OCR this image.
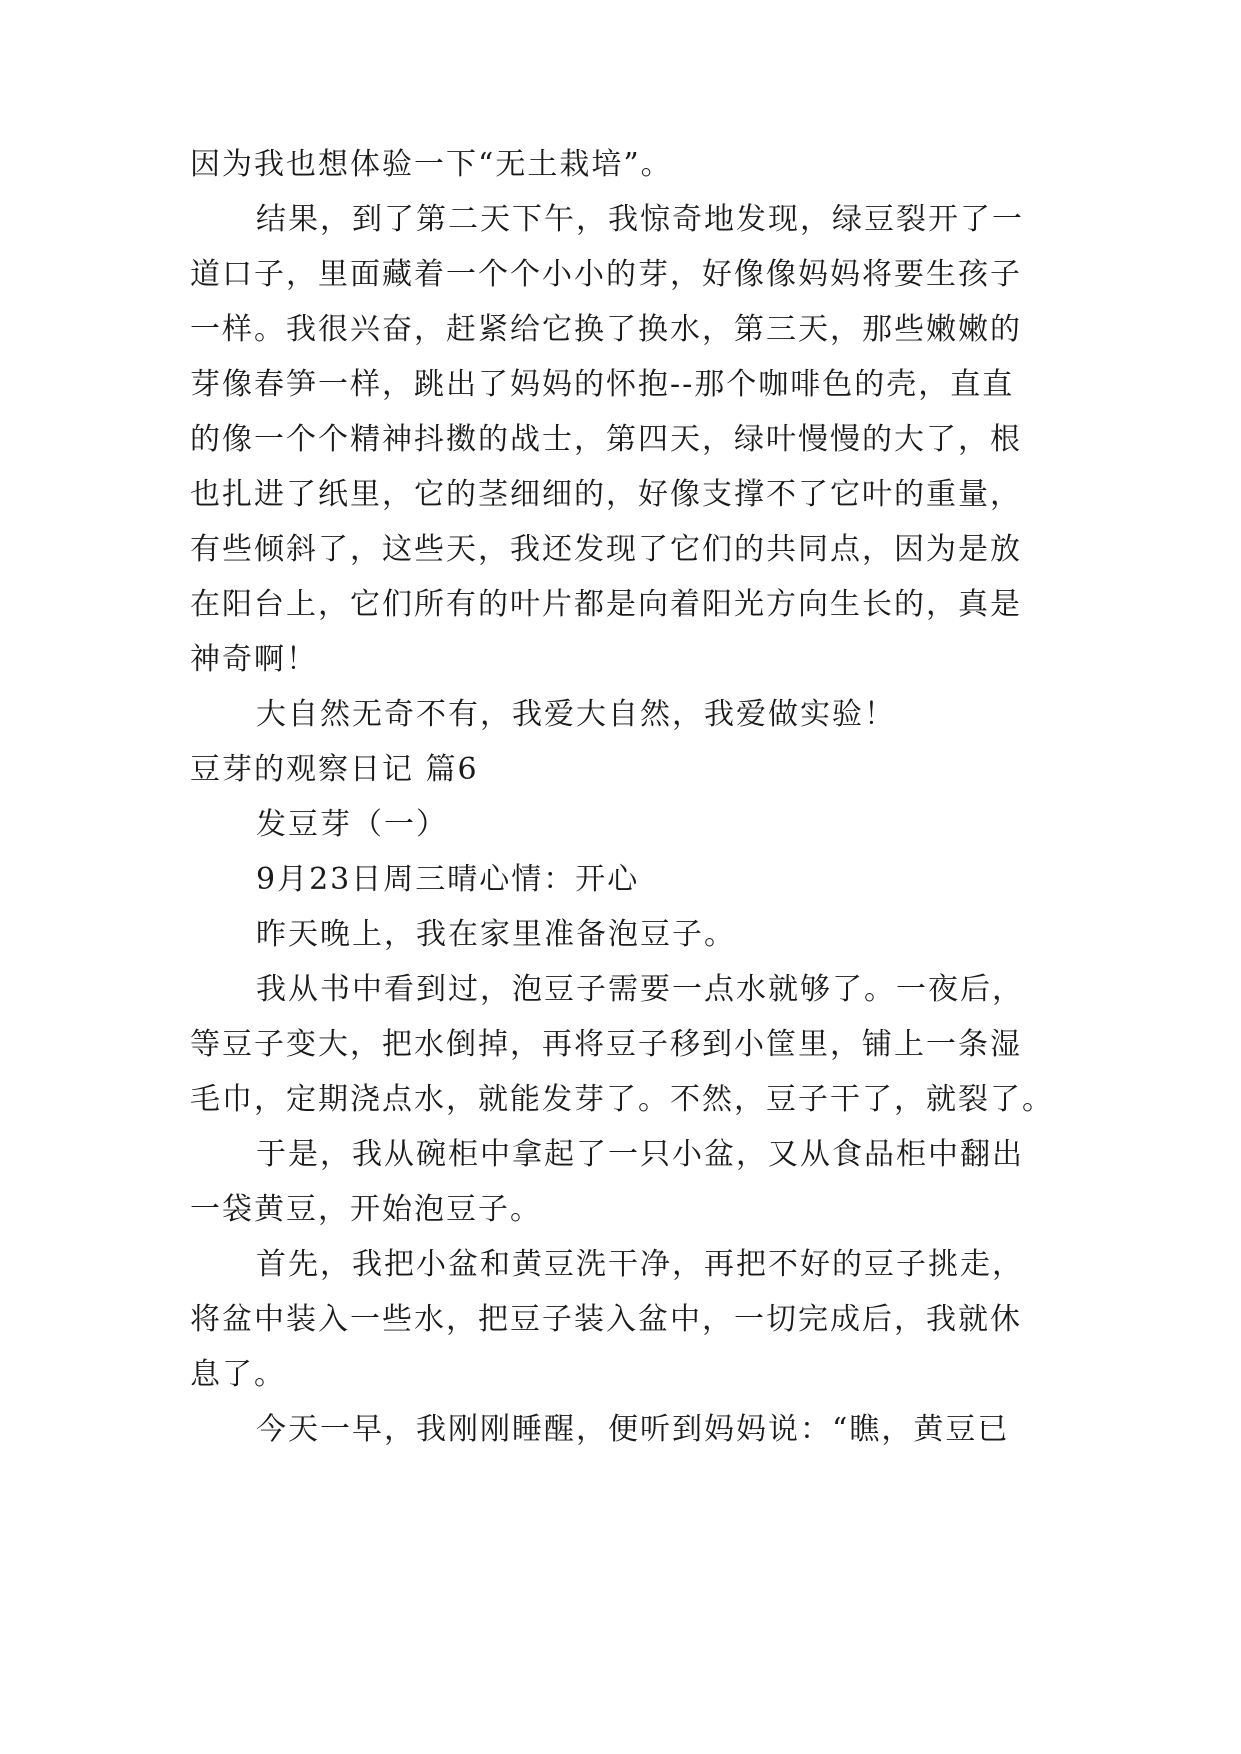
因为我也想体验一下“无土栽培”。
结果，到了第二天下午，我惊奇地发现，绿豆裂开了一
道口子，里面藏着一个个小小的芽，好像像妈妈将要生孩子
一样。我很兴奋，赶紧给它换了换水，第三天，那些嫩嫩的
芽像春笋一样，跳出了妈妈的怀抱--那个咖啡色的壳，直直
的像一个个精神抖擞的战士，第四天，绿叶慢慢的大了，根
也扎进了纸里，它的茎细细的，好像支撑不了它叶的重量，
有些倾斜了，这些天，我还发现了它们的共同点，因为是放
在阳台上，它们所有的叶片都是向着阳光方向生长的，真是
神奇啊！
大自然无奇不有，我爱大自然，我爱做实验！
豆芽的观察日记 篇6
发豆芽（一）
9月23日周三晴心情：开心
昨天晚上，我在家里准备泡豆子。
我从书中看到过，泡豆子需要一点水就够了。一夜后，
等豆子变大，把水倒掉，再将豆子移到小筐里，铺上一条湿
毛巾，定期浇点水，就能发芽了。不然，豆子干了，就裂了。
于是，我从碗柜中拿起了一只小盆，又从食品柜中翻出
一袋黄豆，开始泡豆子。
首先，我把小盆和黄豆洗干净，再把不好的豆子挑走，
将盆中装入一些水，把豆子装入盆中，一切完成后，我就休
息了。
今天一早，我刚刚睡醒，便听到妈妈说：“瞧，黄豆已
